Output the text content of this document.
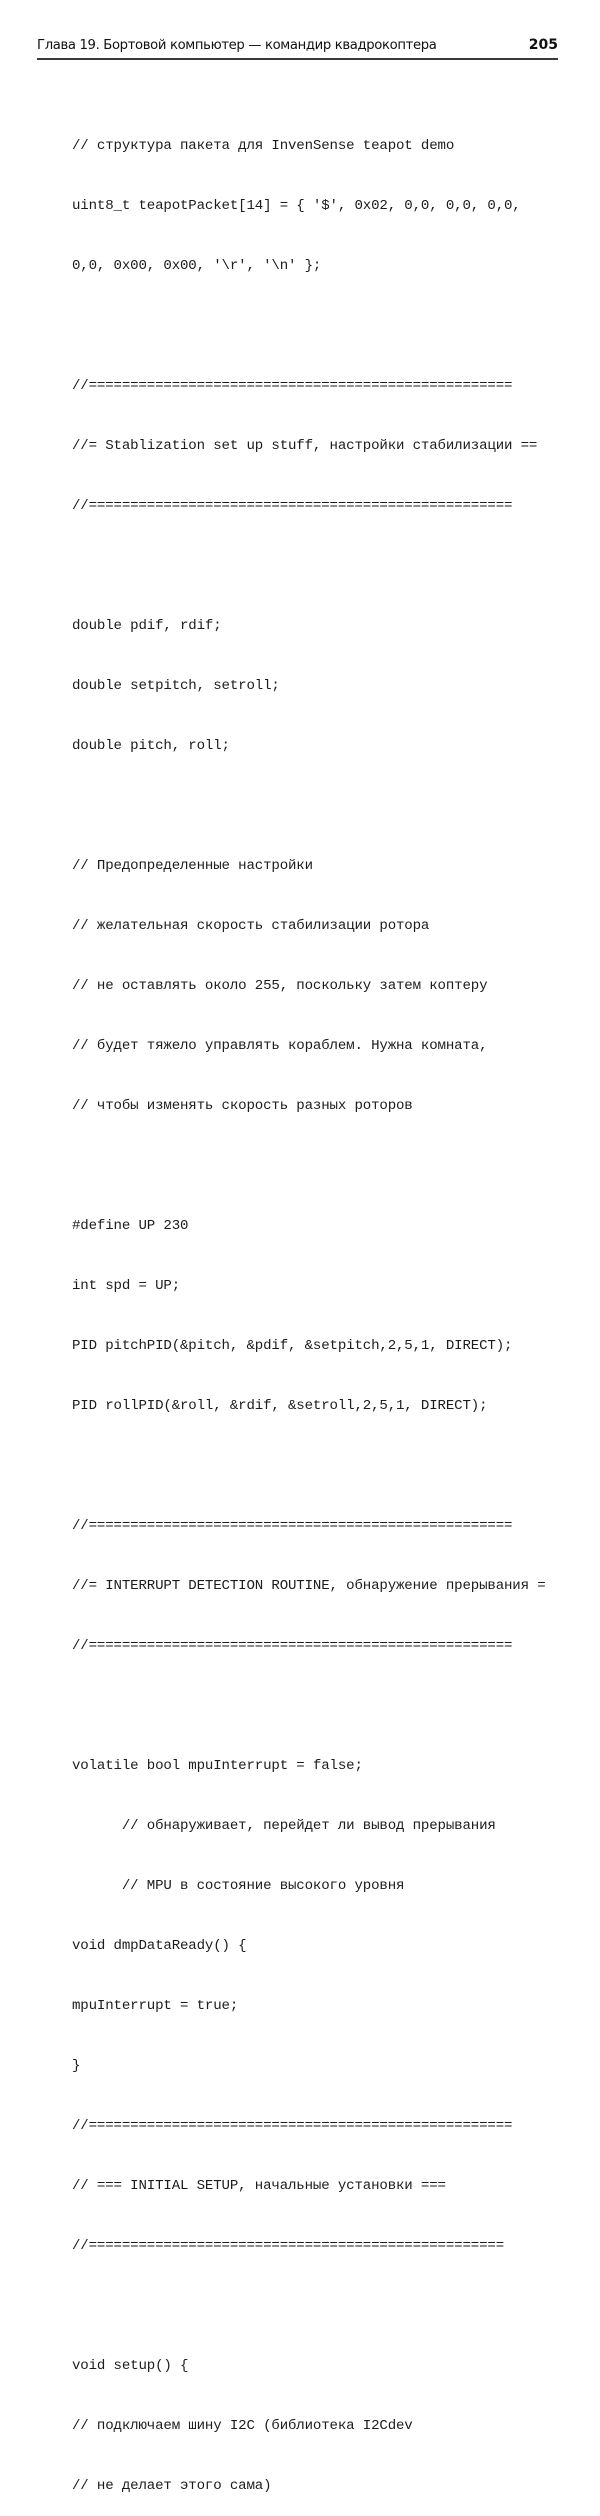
Глава 19. Бортовой компьютер — командир квадрокоптера	205

// структура пакета для InvenSense teapot demo

uint8_t teapotPacket[14] = { '$', 0x02, 0,0, 0,0, 0,0,

0,0, 0x00, 0x00, '\r', '\n' };

//===================================================

//= Stablization set up stuff, настройки стабилизации ==

//===================================================

double pdif, rdif;

double setpitch, setroll;

double pitch, roll;

// Предопределенные настройки

// желательная скорость стабилизации ротора

// не оставлять около 255, поскольку затем коптеру

// будет тяжело управлять кораблем. Нужна комната,

// чтобы изменять скорость разных роторов

#define UP 230

int spd = UP;

PID pitchPID(&pitch, &pdif, &setpitch,2,5,1, DIRECT);

PID rollPID(&roll, &rdif, &setroll,2,5,1, DIRECT);

//===================================================

//= INTERRUPT DETECTION ROUTINE, обнаружение прерывания =

//===================================================

volatile bool mpuInterrupt = false;

// обнаруживает, перейдет ли вывод прерывания

// MPU в состояние высокого уровня

void dmpDataReady() {

mpuInterrupt = true;

}

//===================================================

// === INITIAL SETUP, начальные установки ===

//==================================================

void setup() {

// подключаем шину I2C (библиотека I2Cdev

// не делает этого сама)
